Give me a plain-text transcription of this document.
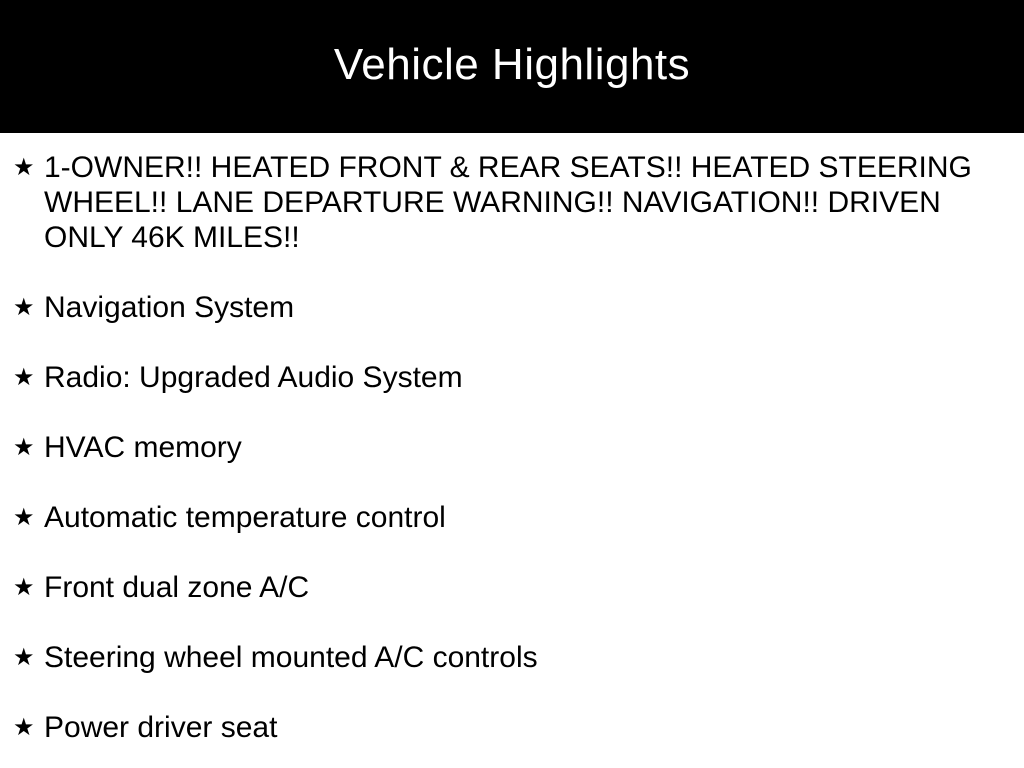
Vehicle Highlights
★ 1-OWNER!! HEATED FRONT & REAR SEATS!! HEATED STEERING WHEEL!! LANE DEPARTURE WARNING!! NAVIGATION!! DRIVEN ONLY 46K MILES!!
★ Navigation System
★ Radio: Upgraded Audio System
★ HVAC memory
★ Automatic temperature control
★ Front dual zone A/C
★ Steering wheel mounted A/C controls
★ Power driver seat
